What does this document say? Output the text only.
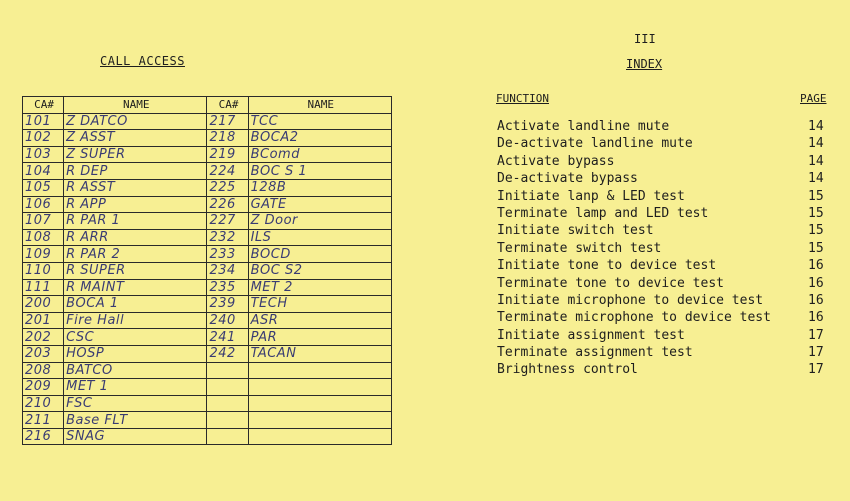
CALL ACCESS
CA#	NAME	CA#	NAME
101	Z DATCO	217	TCC
102	Z ASST	218	BOCA2
103	Z SUPER	219	BComd
104	R DEP	224	BOC S 1
105	R ASST	225	128B
106	R APP	226	GATE
107	R PAR 1	227	Z Door
108	R ARR	232	ILS
109	R PAR 2	233	BOCD
110	R SUPER	234	BOC S2
111	R MAINT	235	MET 2
200	BOCA 1	239	TECH
201	Fire Hall	240	ASR
202	CSC	241	PAR
203	HOSP	242	TACAN
208	BATCO		
209	MET 1		
210	FSC		
211	Base FLT		
216	SNAG		
III
INDEX
FUNCTION	PAGE
Activate landline mute	14
De-activate landline mute	14
Activate bypass	14
De-activate bypass	14
Initiate lanp & LED test	15
Terminate lamp and LED test	15
Initiate switch test	15
Terminate switch test	15
Initiate tone to device test	16
Terminate tone to device test	16
Initiate microphone to device test	16
Terminate microphone to device test	16
Initiate assignment test	17
Terminate assignment test	17
Brightness control	17
